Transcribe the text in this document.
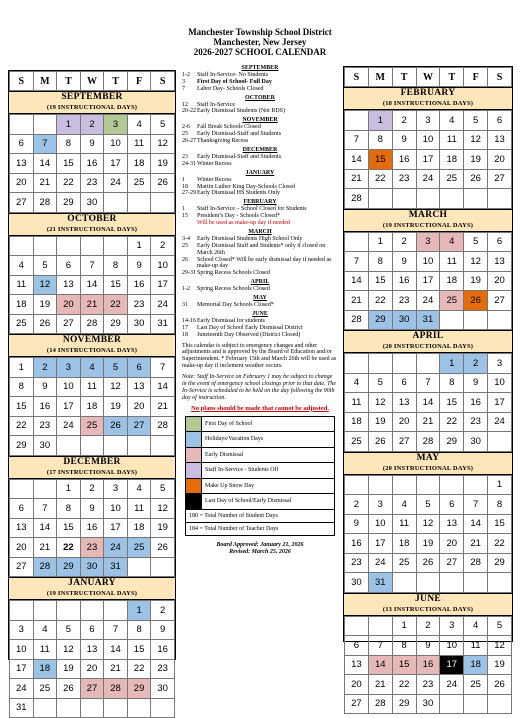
Manchester Township School District
Manchester, New Jersey
2026-2027 SCHOOL CALENDAR
S	M	T	W	T	F	S
SEPTEMBER
(19 INSTRUCTIONAL DAYS)
		1	2	3	4	5
6	7	8	9	10	11	12
13	14	15	16	17	18	19
20	21	22	23	24	25	26
27	28	29	30			
OCTOBER
(21 INSTRUCTIONAL DAYS)
					1	2
4	5	6	7	8	9	10
11	12	13	14	15	16	17
18	19	20	21	22	23	24
25	26	27	28	29	30	31
NOVEMBER
(14 INSTRUCTIONAL DAYS)
1	2	3	4	5	6	7
8	9	10	11	12	13	14
15	16	17	18	19	20	21
22	23	24	25	26	27	28
29	30					
DECEMBER
(17 INSTRUCTIONAL DAYS)
		1	2	3	4	5
6	7	8	9	10	11	12
13	14	15	16	17	18	19
20	21	22	23	24	25	26
27	28	29	30	31		
JANUARY
(19 INSTRUCTIONAL DAYS)
					1	2
3	4	5	6	7	8	9
10	11	12	13	14	15	16
17	18	19	20	21	22	23
24	25	26	27	28	29	30
31						
SEPTEMBER
1-2	Staff In-Service- No Students
3	First Day of School- Full Day
7	Labor Day- Schools Closed
OCTOBER
12	Staff In-Service
20-22 Early Dismissal Students (Not RDS)
NOVEMBER
2-6	Fall Break Schools Closed
25	Early Dismissal-Staff and Students
26-27 Thanksgiving Recess
DECEMBER
23	Early Dismissal-Staff and Students
24-31 Winter Recess
JANUARY
1	Winter Recess
18	Martin Luther King Day-Schools Closed
27-29 Early Dismissal HS Students Only
FEBRUARY
1	Staff In-Service – School Closed for Students
15	President’s Day - Schools Closed*
Will be used as make-up day if needed
MARCH
3-4	Early Dismissal Students High School Only
25	Early Dismissal Staff and Students* only if closed on March 26th
26	School Closed* Will be early dismissal day if needed as make-up day
29-31 Spring Recess Schools Closed
APRIL
1-2	Spring Recess Schools Closed
MAY
31	Memorial Day Schools Closed*
JUNE
14-16 Early Dismissal for students
17	Last Day of School Early Dismissal District
18	Juneteenth Day Observed (District Closed)
This calendar is subject to emergency changes and other adjustments and is approved by the Board of Education and/or Superintendent. * February 15th and March 26th will be used as make-up day if inclement weather occurs.
Note: Staff In-Service on February 1 may be subject to change in the event of emergency school closings prior to that date. The In-Service is scheduled to be held on the day following the 90th day of instruction.
No plans should be made that cannot be adjusted.
	First Day of School
	Holidays/Vacation Days
	Early Dismissal
	Staff In-Service - Students Off
	Make Up Snow Day
	Last Day of School/Early Dismissal
180 = Total Number of Student Days	
184 = Total Number of Teacher Days	
Board Approved: January 21, 2026
Revised: March 25, 2026
S	M	T	W	T	F	S
FEBRUARY
(18 INSTRUCTIONAL DAYS)
	1	2	3	4	5	6
7	8	9	10	11	12	13
14	15	16	17	18	19	20
21	22	23	24	25	26	27
28						
MARCH
(19 INSTRUCTIONAL DAYS)
	1	2	3	4	5	6
7	8	9	10	11	12	13
14	15	16	17	18	19	20
21	22	23	24	25	26	27
28	29	30	31			
APRIL
(20 INSTRUCTIONAL DAYS)
				1	2	3
4	5	6	7	8	9	10
11	12	13	14	15	16	17
18	19	20	21	22	23	24
25	26	27	28	29	30	
MAY
(20 INSTRUCTIONAL DAYS)
						1
2	3	4	5	6	7	8
9	10	11	12	13	14	15
16	17	18	19	20	21	22
23	24	25	26	27	28	29
30	31					
JUNE
(13 INSTRUCTIONAL DAYS)
		1	2	3	4	5
6	7	8	9	10	11	12
13	14	15	16	17	18	19
20	21	22	23	24	25	26
27	28	29	30			
